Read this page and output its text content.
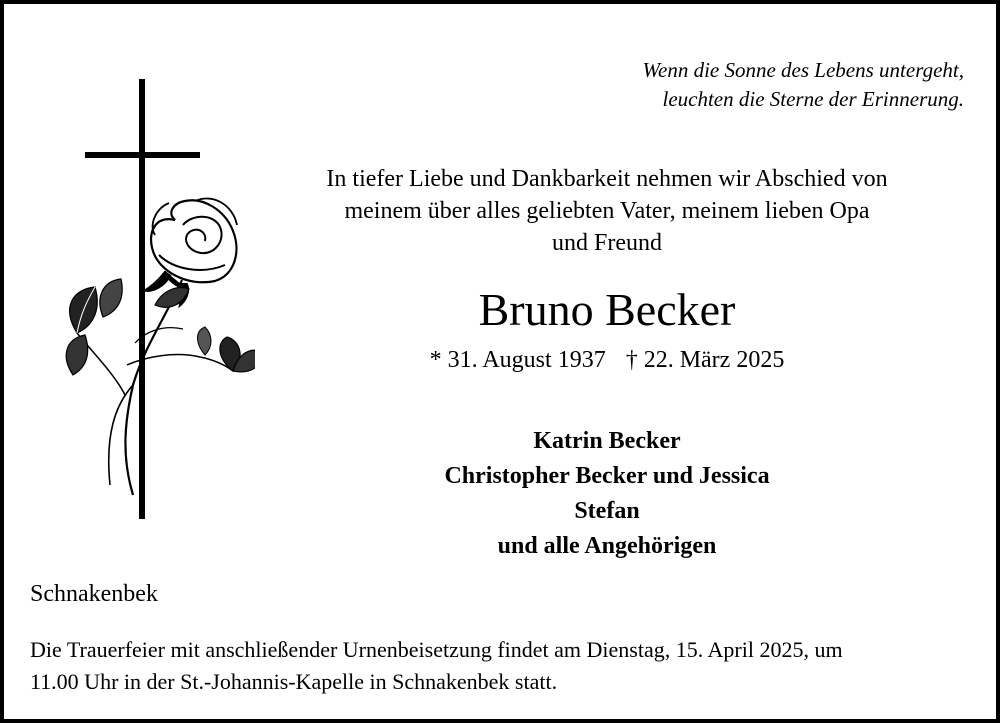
Wenn die Sonne des Lebens untergeht,
leuchten die Sterne der Erinnerung.
In tiefer Liebe und Dankbarkeit nehmen wir Abschied von
meinem über alles geliebten Vater, meinem lieben Opa
und Freund
Bruno Becker
* 31. August 1937 † 22. März 2025
Katrin Becker
Christopher Becker und Jessica
Stefan
und alle Angehörigen
Schnakenbek
Die Trauerfeier mit anschließender Urnenbeisetzung findet am Dienstag, 15. April 2025, um
11.00 Uhr in der St.-Johannis-Kapelle in Schnakenbek statt.
